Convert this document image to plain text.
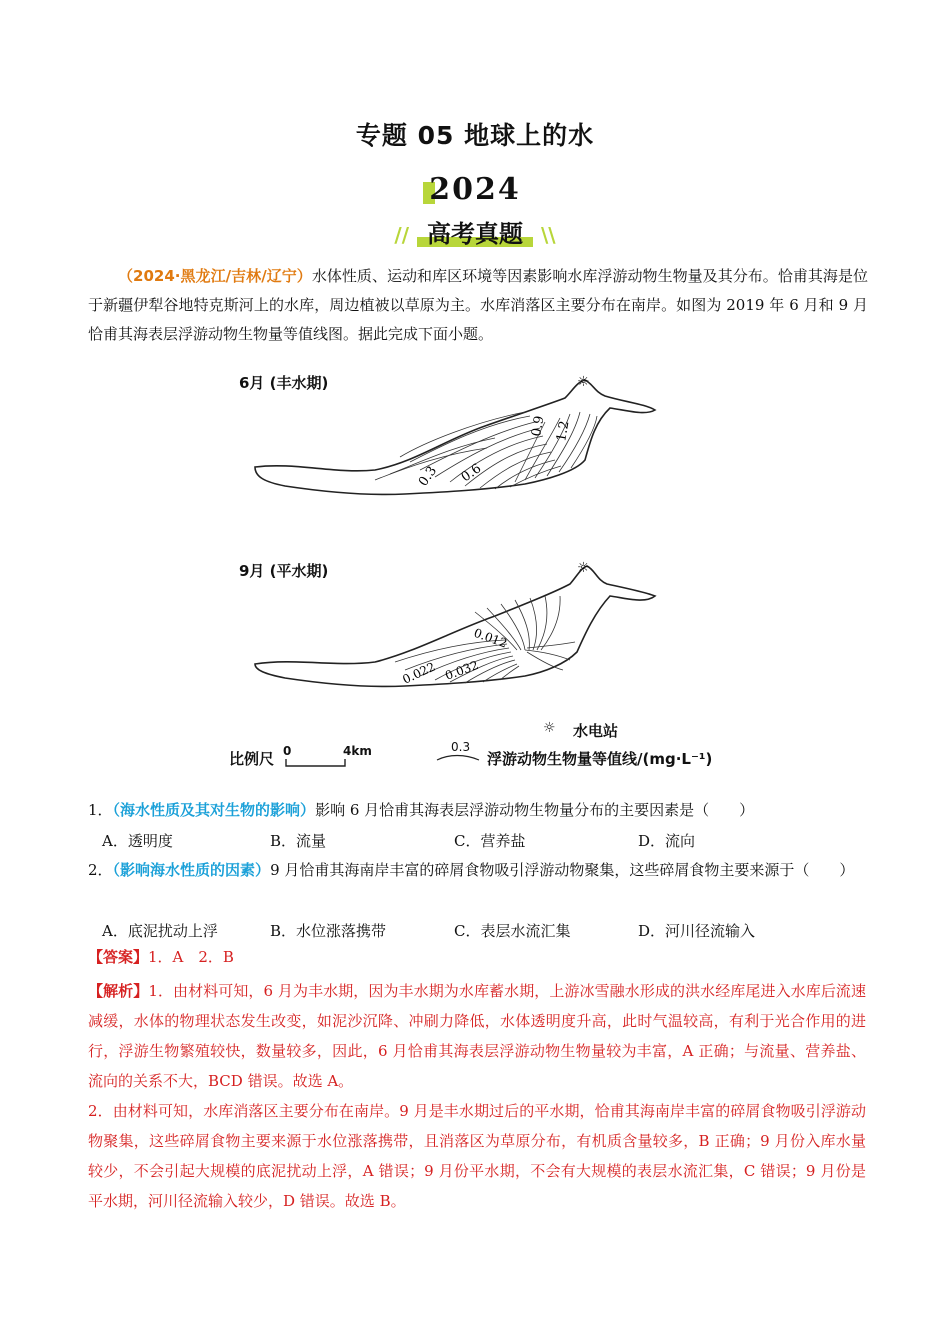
专题 05 地球上的水
2024
// 高考真题 \\
（2024·黑龙江/吉林/辽宁）水体性质、运动和库区环境等因素影响水库浮游动物生物量及其分布。恰甫其海是位于新疆伊犁谷地特克斯河上的水库，周边植被以草原为主。水库消落区主要分布在南岸。如图为 2019 年 6 月和 9 月恰甫其海表层浮游动物生物量等值线图。据此完成下面小题。
6月 (丰水期)
0.3 0.6
0.9 1.2
☼
9月 (平水期)
0.022 0.032
0.012
☼
☼ 水电站
比例尺 0	4km	0.3
浮游动物生物量等值线/(mg·L⁻¹)
1．（海水性质及其对生物的影响）影响 6 月恰甫其海表层浮游动物生物量分布的主要因素是（　　）
A．透明度	B．流量	C．营养盐	D．流向
2．（影响海水性质的因素）9 月恰甫其海南岸丰富的碎屑食物吸引浮游动物聚集，这些碎屑食物主要来源于（　　）
A．底泥扰动上浮	B．水位涨落携带	C．表层水流汇集	D．河川径流输入
【答案】1．A　2．B
【解析】1．由材料可知，6 月为丰水期，因为丰水期为水库蓄水期，上游冰雪融水形成的洪水经库尾进入水库后流速减缓，水体的物理状态发生改变，如泥沙沉降、冲刷力降低，水体透明度升高，此时气温较高，有利于光合作用的进行，浮游生物繁殖较快，数量较多，因此，6 月恰甫其海表层浮游动物生物量较为丰富，A 正确；与流量、营养盐、流向的关系不大，BCD 错误。故选 A。
2．由材料可知，水库消落区主要分布在南岸。9 月是丰水期过后的平水期，恰甫其海南岸丰富的碎屑食物吸引浮游动物聚集，这些碎屑食物主要来源于水位涨落携带，且消落区为草原分布，有机质含量较多，B 正确；9 月份入库水量较少，不会引起大规模的底泥扰动上浮，A 错误；9 月份平水期，不会有大规模的表层水流汇集，C 错误；9 月份是平水期，河川径流输入较少，D 错误。故选 B。
